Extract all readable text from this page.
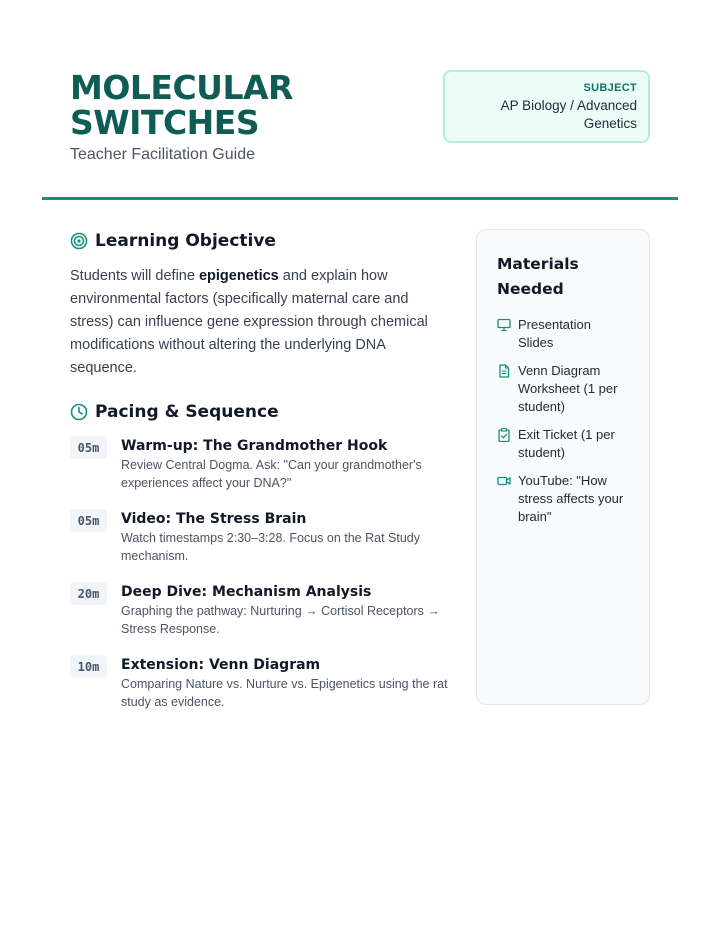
MOLECULAR
SWITCHES
Teacher Facilitation Guide
SUBJECT
AP Biology / Advanced
Genetics
Learning Objective

Students will define epigenetics and explain how environmental factors (specifically maternal care and stress) can influence gene expression through chemical modifications without altering the underlying DNA sequence.

Pacing & Sequence
05m	Warm-up: The Grandmother Hook
Review Central Dogma. Ask: "Can your grandmother's experiences affect your DNA?"
05m	Video: The Stress Brain
Watch timestamps 2:30–3:28. Focus on the Rat Study mechanism.
20m	Deep Dive: Mechanism Analysis
Graphing the pathway: Nurturing → Cortisol Receptors → Stress Response.
10m	Extension: Venn Diagram
Comparing Nature vs. Nurture vs. Epigenetics using the rat study as evidence.
Materials Needed
Presentation Slides
Venn Diagram Worksheet (1 per student)
Exit Ticket (1 per student)
YouTube: "How stress affects your brain"
